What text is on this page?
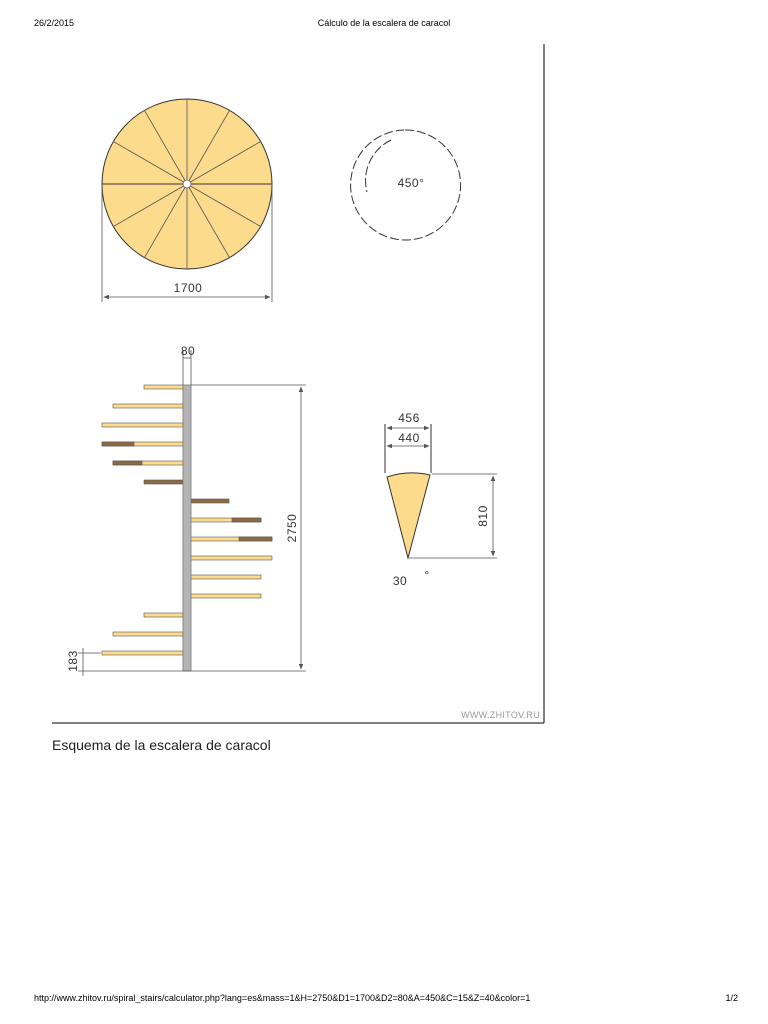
26/2/2015	Cálculo de la escalera de caracol
1700
450°
80
2750
183
456
440
810
30 °
WWW.ZHITOV.RU
Esquema de la escalera de caracol
http://www.zhitov.ru/spiral_stairs/calculator.php?lang=es&mass=1&H=2750&D1=1700&D2=80&A=450&C=15&Z=40&color=1	1/2
